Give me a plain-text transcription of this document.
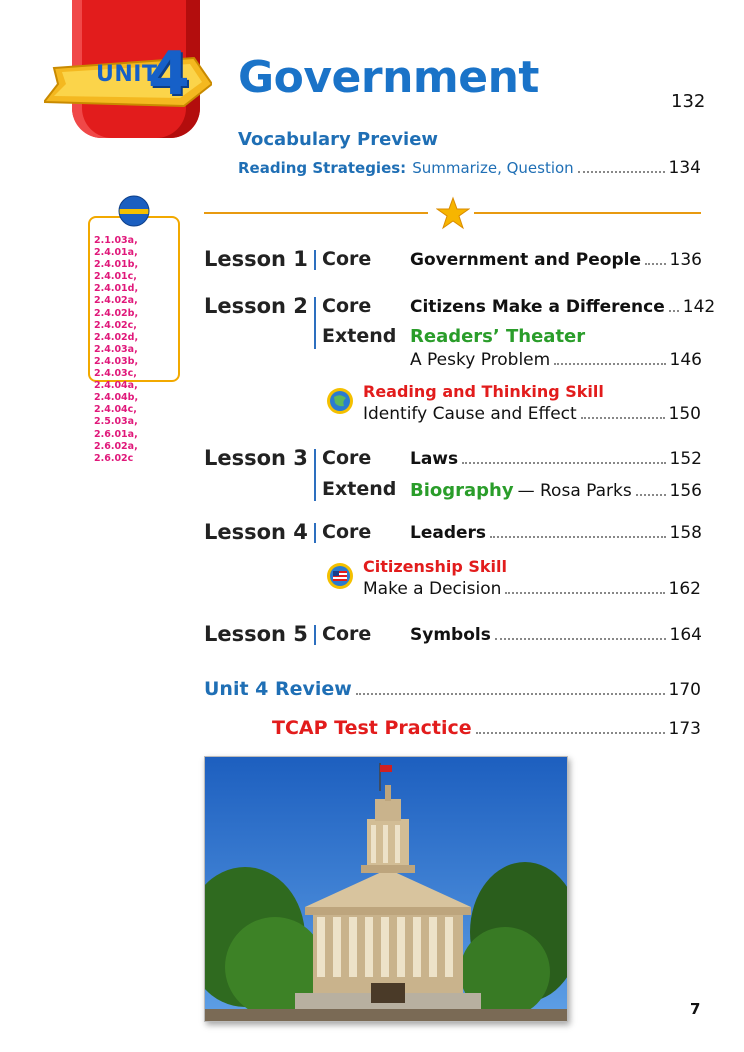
UNIT
4 Government	132
Vocabulary Preview
Reading Strategies: Summarize, Question	134
2.1.03a, 2.4.01a, 2.4.01b, 2.4.01c, 2.4.01d, 2.4.02a, 2.4.02b, 2.4.02c, 2.4.02d, 2.4.03a, 2.4.03b, 2.4.03c, 2.4.04a, 2.4.04b, 2.4.04c, 2.5.03a, 2.6.01a, 2.6.02a, 2.6.02c
Lesson 1 Core Government and People 136
Lesson 2 Core Citizens Make a Difference 142
Extend Readers’ Theater
A Pesky Problem	146
Reading and Thinking Skill
Identify Cause and Effect	150
Lesson 3 Core Laws	152
Extend Biography — Rosa Parks 156
Lesson 4 Core Leaders	158
Citizenship Skill
Make a Decision	162
Lesson 5 Core Symbols	164
Unit 4 Review	170
TCAP Test Practice	173
7
